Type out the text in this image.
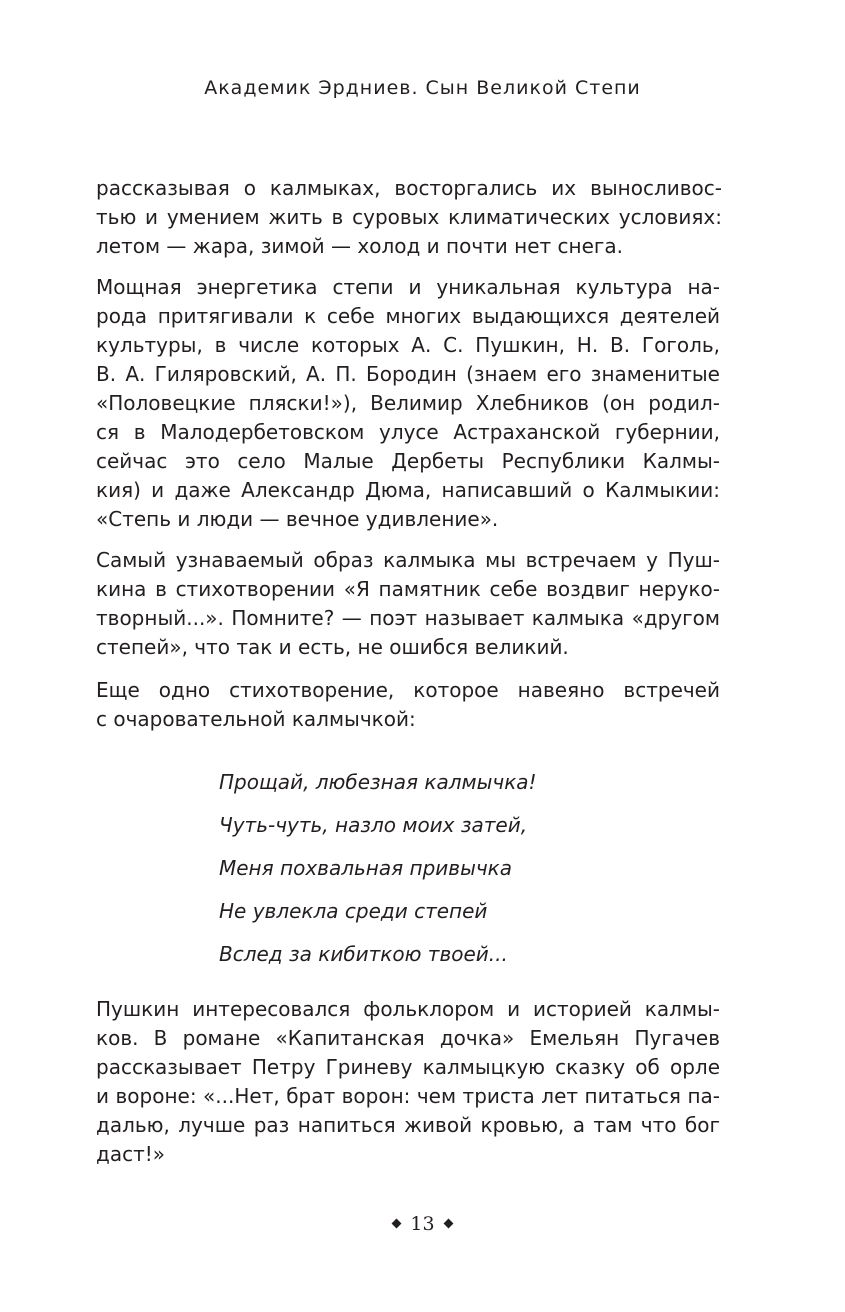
Академик Эрдниев. Сын Великой Степи
рассказывая о калмыках, восторгались их выносливос-
тью и умением жить в суровых климатических условиях:
летом — жара, зимой — холод и почти нет снега.
Мощная энергетика степи и уникальная культура на-
рода притягивали к себе многих выдающихся деятелей
культуры, в числе которых А. С. Пушкин, Н. В. Гоголь,
В. А. Гиляровский, А. П. Бородин (знаем его знаменитые
«Половецкие пляски!»), Велимир Хлебников (он родил-
ся в Малодербетовском улусе Астраханской губернии,
сейчас это село Малые Дербеты Республики Калмы-
кия) и даже Александр Дюма, написавший о Калмыкии:
«Степь и люди — вечное удивление».
Самый узнаваемый образ калмыка мы встречаем у Пуш-
кина в стихотворении «Я памятник себе воздвиг неруко-
творный...». Помните? — поэт называет калмыка «другом
степей», что так и есть, не ошибся великий.
Еще одно стихотворение, которое навеяно встречей
с очаровательной калмычкой:
Прощай, любезная калмычка!
Чуть-чуть, назло моих затей,
Меня похвальная привычка
Не увлекла среди степей
Вслед за кибиткою твоей...
Пушкин интересовался фольклором и историей калмы-
ков. В романе «Капитанская дочка» Емельян Пугачев
рассказывает Петру Гриневу калмыцкую сказку об орле
и вороне: «...Нет, брат ворон: чем триста лет питаться па-
далью, лучше раз напиться живой кровью, а там что бог
даст!»
13
